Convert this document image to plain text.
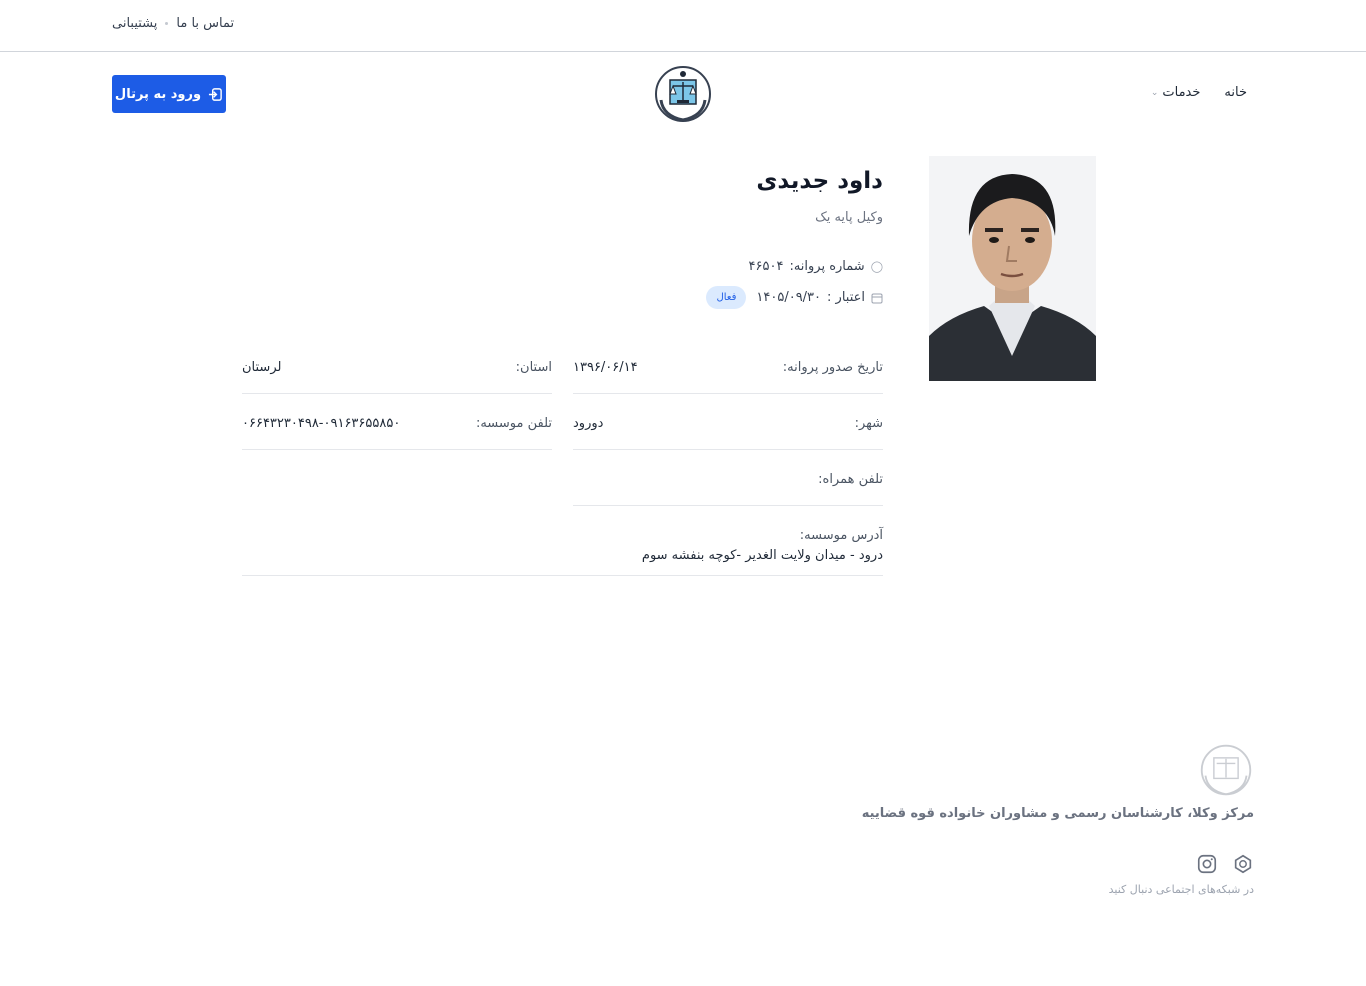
پشتیبانی تماس با ما
خانه
خدمات
⌄
ورود به پرتال
داود جدیدی
وکیل پایه یک
◯
شماره پروانه:
۴۶۵۰۴
اعتبار :
۱۴۰۵/۰۹/۳۰
فعال
تاریخ صدور پروانه:
۱۳۹۶/۰۶/۱۴
استان:
لرستان
شهر:
دورود
تلفن موسسه:
۰۶۶۴۳۲۳۰۴۹۸-۰۹۱۶۳۶۵۵۸۵۰
تلفن همراه:
آدرس موسسه:
درود - میدان ولایت الغدیر -کوچه بنفشه سوم
مرکز وکلا، کارشناسان رسمی و مشاوران خانواده قوه قضاییه
در شبکه‌های اجتماعی دنبال کنید
